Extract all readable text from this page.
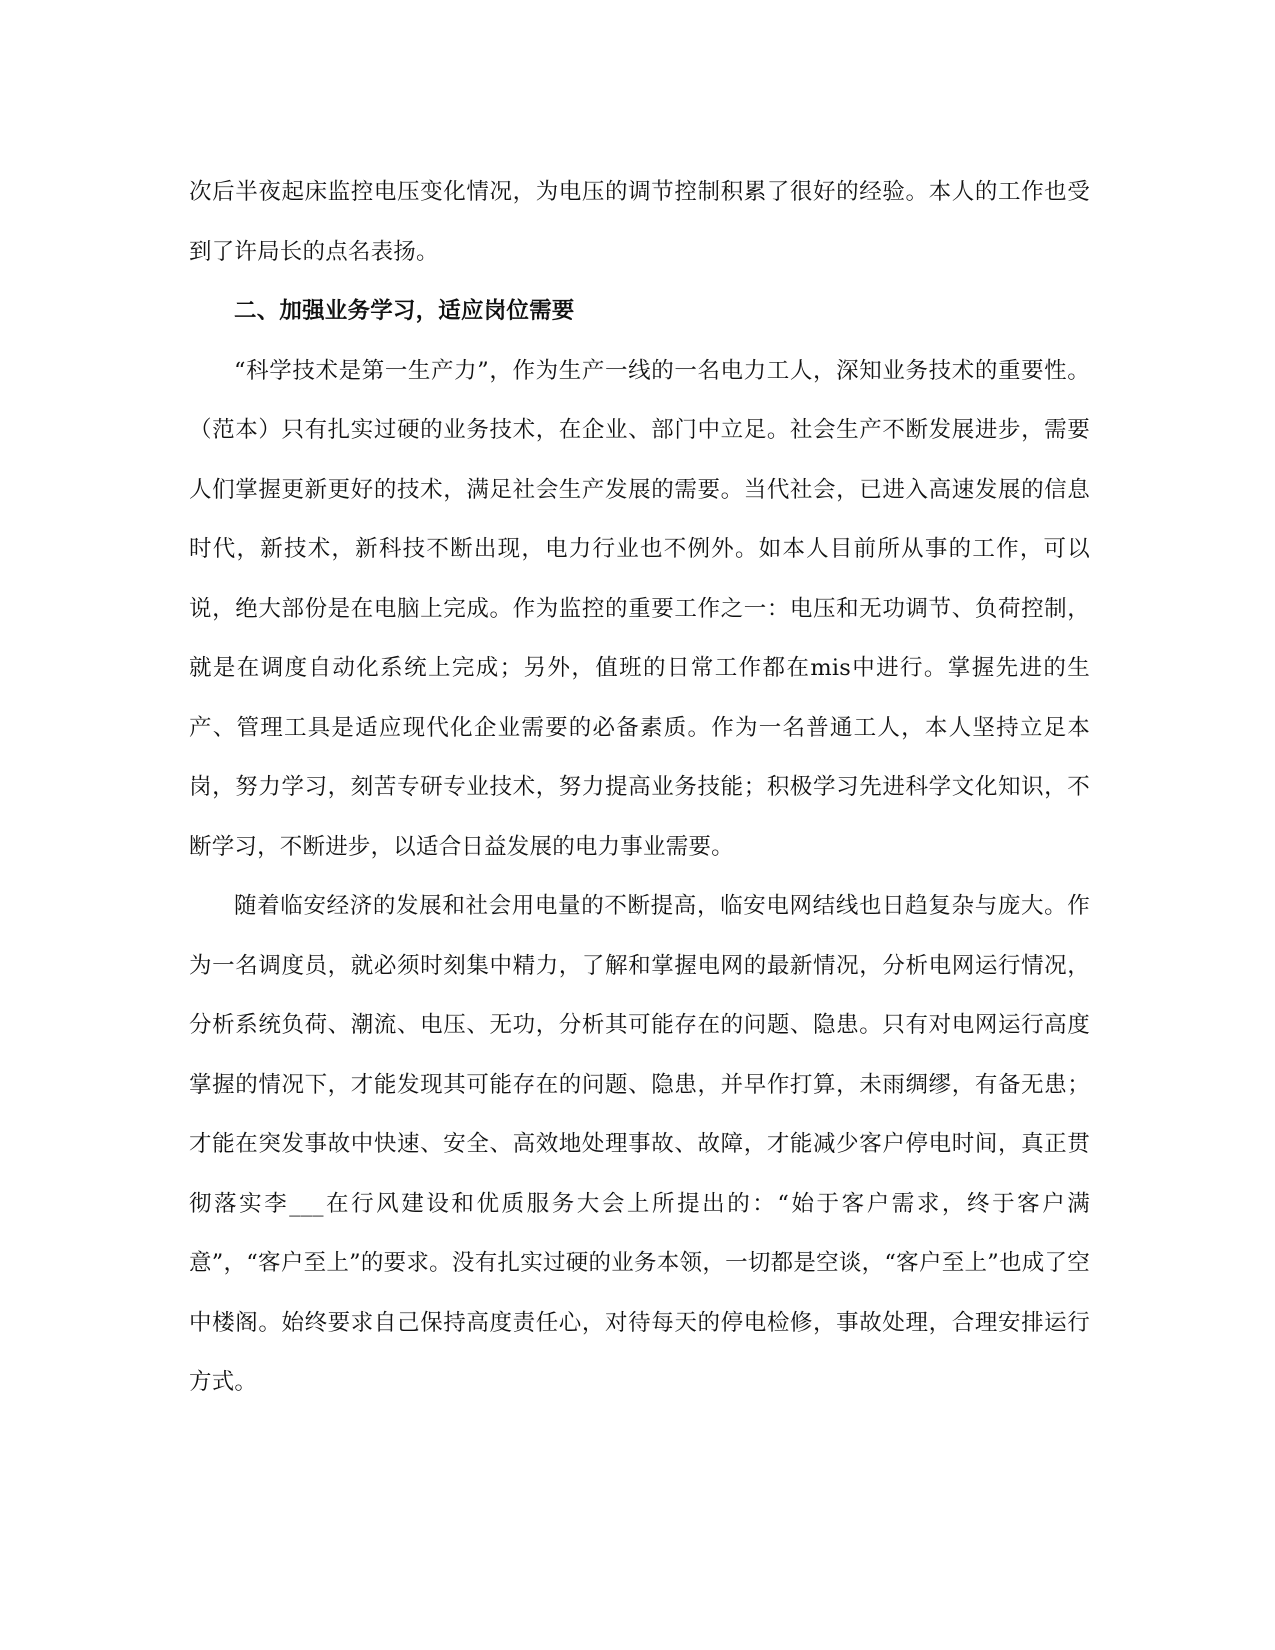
次后半夜起床监控电压变化情况，为电压的调节控制积累了很好的经验。本人的工作也受到了许局长的点名表扬。

二、加强业务学习，适应岗位需要

“科学技术是第一生产力”，作为生产一线的一名电力工人，深知业务技术的重要性。（范本）只有扎实过硬的业务技术，在企业、部门中立足。社会生产不断发展进步，需要人们掌握更新更好的技术，满足社会生产发展的需要。当代社会，已进入高速发展的信息时代，新技术，新科技不断出现，电力行业也不例外。如本人目前所从事的工作，可以说，绝大部份是在电脑上完成。作为监控的重要工作之一：电压和无功调节、负荷控制，就是在调度自动化系统上完成；另外，值班的日常工作都在mis中进行。掌握先进的生产、管理工具是适应现代化企业需要的必备素质。作为一名普通工人，本人坚持立足本岗，努力学习，刻苦专研专业技术，努力提高业务技能；积极学习先进科学文化知识，不断学习，不断进步，以适合日益发展的电力事业需要。

随着临安经济的发展和社会用电量的不断提高，临安电网结线也日趋复杂与庞大。作为一名调度员，就必须时刻集中精力，了解和掌握电网的最新情况，分析电网运行情况，分析系统负荷、潮流、电压、无功，分析其可能存在的问题、隐患。只有对电网运行高度掌握的情况下，才能发现其可能存在的问题、隐患，并早作打算，未雨绸缪，有备无患；才能在突发事故中快速、安全、高效地处理事故、故障，才能减少客户停电时间，真正贯彻落实李___在行风建设和优质服务大会上所提出的：“始于客户需求，终于客户满意”，“客户至上”的要求。没有扎实过硬的业务本领，一切都是空谈，“客户至上”也成了空中楼阁。始终要求自己保持高度责任心，对待每天的停电检修，事故处理，合理安排运行方式。
